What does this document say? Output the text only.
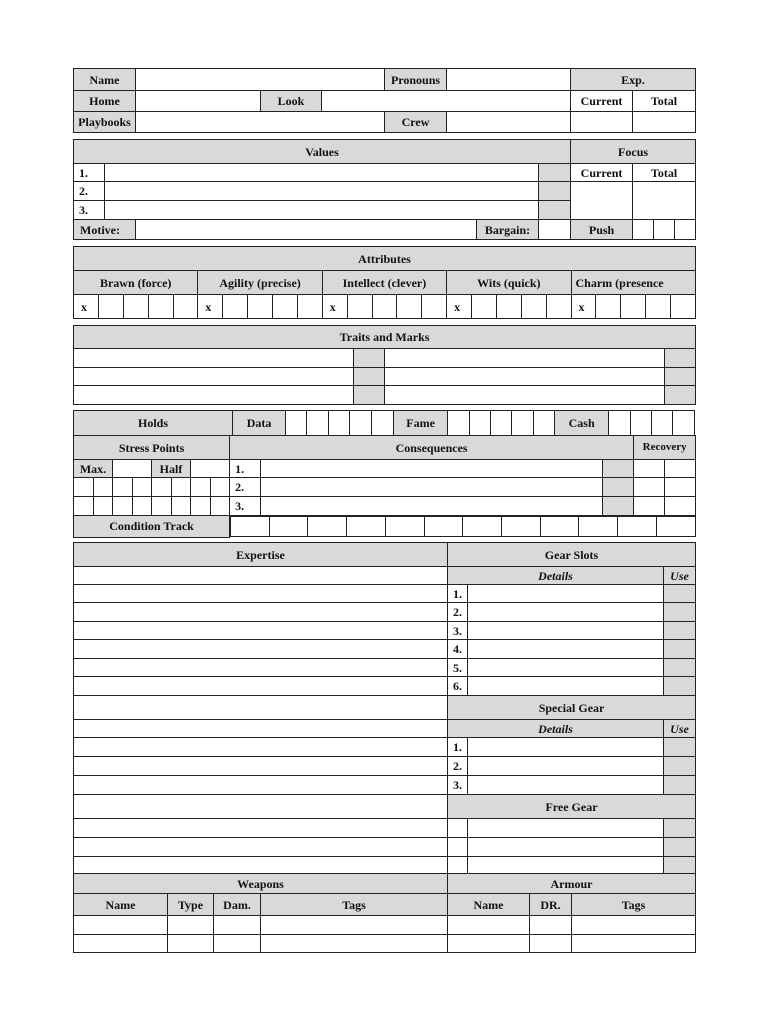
Name				Pronouns		Exp.	
Home		Look				Current	Total
Playbooks				Crew			
Values					Focus			
1.					Current	Total		
2.								
3.								
Motive:			Bargain:		Push			
Attributes																								
Brawn (force)					Agility (precise)					Intellect (clever)					Wits (quick)					Charm (presence				
x					x					x					x					x				
Traits and Marks			

Holds	Data						Fame						Cash				
Stress Points	Consequences	Recovery
Max.		Half		1.				
								2.				
								3.				
Condition Track	

Expertise	Gear Slots		
	Details		Use
	1.		
	2.		
	3.		
	4.		
	5.		
	6.		
	Special Gear		
	Details		Use
	1.		
	2.		
	3.		
	Free Gear		

Weapons				Armour		
Name	Type	Dam.	Tags	Name	DR.	Tags
